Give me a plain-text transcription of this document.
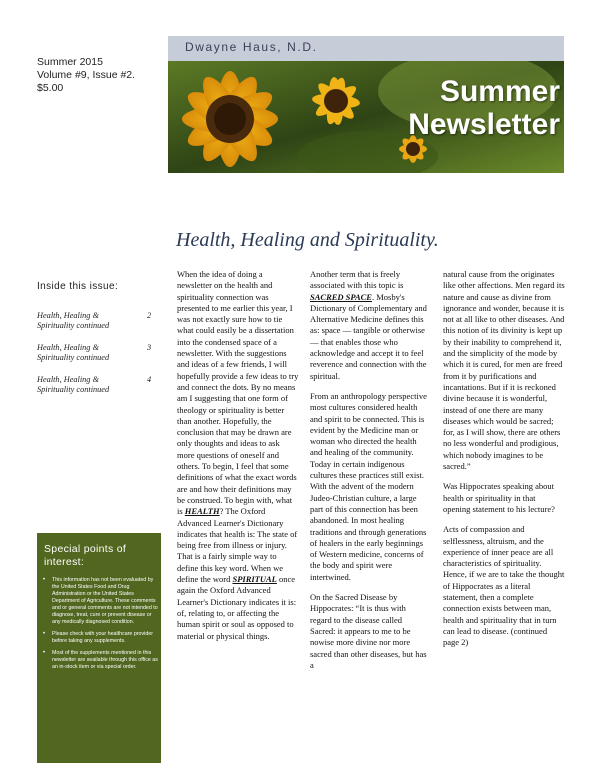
Summer 2015
Volume #9, Issue #2.
$5.00
Dwayne Haus, N.D.
Summer
Newsletter
Health, Healing and Spirituality.
Inside this issue:
Health, Healing & Spirituality continued
2
Health, Healing & Spirituality continued
3
Health, Healing & Spirituality continued
4
Special points of interest:
• This information has not been evaluated by the United States Food and Drug Administration or the United States Department of Agriculture. These comments and or general comments are not intended to diagnose, treat, cure or prevent disease or any medically diagnosed condition.
• Please check with your healthcare provider before taking any supplements.
• Most of the supplements mentioned in this newsletter are available through this office as an in-stock item or via special order.

When the idea of doing a newsletter on the health and spirituality connection was presented to me earlier this year, I was not exactly sure how to tie what could easily be a dissertation into the condensed space of a newsletter. With the suggestions and ideas of a few friends, I will hopefully provide a few ideas to try and connect the dots. By no means am I suggesting that one form of theology or spirituality is better than another. Hopefully, the conclusion that may be drawn are only thoughts and ideas to ask more questions of oneself and others. To begin, I feel that some definitions of what the exact words are and how their definitions may be construed. To begin with, what is HEALTH? The Oxford Advanced Learner's Dictionary indicates that health is: The state of being free from illness or injury. That is a fairly simple way to define this key word. When we define the word SPIRITUAL once again the Oxford Advanced Learner's Dictionary indicates it is: of, relating to, or affecting the human spirit or soul as opposed to material or physical things.

Another term that is freely associated with this topic is SACRED SPACE. Mosby's Dictionary of Complementary and Alternative Medicine defines this as: space — tangible or otherwise— that enables those who acknowledge and accept it to feel reverence and connection with the spiritual.

From an anthropology perspective most cultures considered health and spirit to be connected. This is evident by the Medicine man or woman who directed the health and healing of the community. Today in certain indigenous cultures these practices still exist. With the advent of the modern Judeo-Christian culture, a large part of this connection has been abandoned. In most healing traditions and through generations of healers in the early beginnings of Western medicine, concerns of the body and spirit were intertwined.

On the Sacred Disease by Hippocrates: “It is thus with regard to the disease called Sacred: it appears to me to be nowise more divine nor more sacred than other diseases, but has a

natural cause from the originates like other affections. Men regard its nature and cause as divine from ignorance and wonder, because it is not at all like to other diseases. And this notion of its divinity is kept up by their inability to comprehend it, and the simplicity of the mode by which it is cured, for men are freed from it by purifications and incantations. But if it is reckoned divine because it is wonderful, instead of one there are many diseases which would be sacred; for, as I will show, there are others no less wonderful and prodigious, which nobody imagines to be sacred.”

Was Hippocrates speaking about health or spirituality in that opening statement to his lecture?

Acts of compassion and selflessness, altruism, and the experience of inner peace are all characteristics of spirituality. Hence, if we are to take the thought of Hippocrates as a literal statement, then a complete connection exists between man, health and spirituality that in turn can lead to disease. (continued page 2)
